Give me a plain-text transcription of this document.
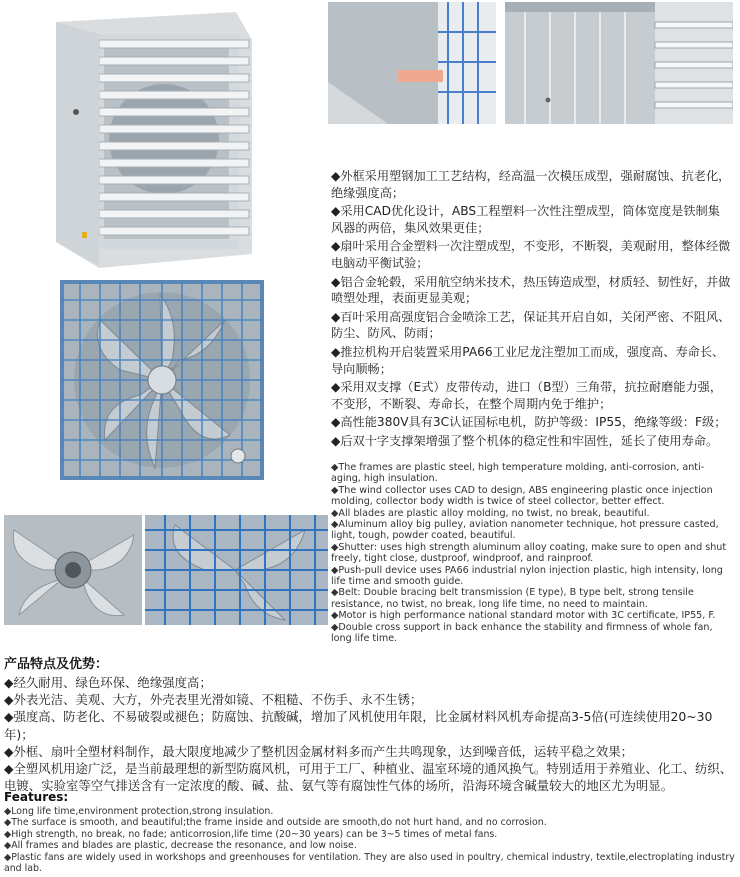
◆外框采用塑钢加工工艺结构，经高温一次模压成型，强耐腐蚀、抗老化，绝缘强度高；

◆采用CAD优化设计，ABS工程塑料一次性注塑成型，筒体宽度是铁制集风器的两倍，集风效果更佳；

◆扇叶采用合金塑料一次注塑成型，不变形，不断裂，美观耐用，整体经微电脑动平衡试验；

◆铝合金轮毂，采用航空纳米技术，热压铸造成型，材质轻、韧性好，并做喷塑处理，表面更显美观；

◆百叶采用高强度铝合金喷涂工艺，保证其开启自如，关闭严密、不阻风、防尘、防风、防雨；

◆推拉机构开启装置采用PA66工业尼龙注塑加工而成，强度高、寿命长、导向顺畅；

◆采用双支撑（E式）皮带传动，进口（B型）三角带，抗拉耐磨能力强，不变形，不断裂、寿命长，在整个周期内免于维护；

◆高性能380V具有3C认证国标电机，防护等级：IP55，绝缘等级：F级；

◆后双十字支撑架增强了整个机体的稳定性和牢固性，延长了使用寿命。

◆The frames are plastic steel, high temperature molding, anti-corrosion, anti-aging, high insulation.

◆The wind collector uses CAD to design, ABS engineering plastic once injection molding, collector body width is twice of steel collector, better effect.

◆All blades are plastic alloy molding, no twist, no break, beautiful.

◆Aluminum alloy big pulley, aviation nanometer technique, hot pressure casted, light, tough, powder coated, beautiful.

◆Shutter: uses high strength aluminum alloy coating, make sure to open and shut freely, tight close, dustproof, windproof, and rainproof.

◆Push-pull device uses PA66 industrial nylon injection plastic, high intensity, long life time and smooth guide.

◆Belt: Double bracing belt transmission (E type), B type belt, strong tensile resistance, no twist, no break, long life time, no need to maintain.

◆Motor is high performance national standard motor with 3C certificate, IP55, F.

◆Double cross support in back enhance the stability and firmness of whole fan, long life time.

产品特点及优势：

◆经久耐用、绿色环保、绝缘强度高；

◆外表光洁、美观、大方，外壳表里光滑如镜、不粗糙、不伤手、永不生锈；

◆强度高、防老化、不易破裂或褪色；防腐蚀、抗酸碱，增加了风机使用年限，比金属材料风机寿命提高3-5倍(可连续使用20~30年)；

◆外框、扇叶全塑材料制作，最大限度地减少了整机因金属材料多而产生共鸣现象，达到噪音低，运转平稳之效果；

◆全塑风机用途广泛，是当前最理想的新型防腐风机，可用于工厂、种植业、温室环境的通风换气。特别适用于养殖业、化工、纺织、电镀、实验室等空气排送含有一定浓度的酸、碱、盐、氨气等有腐蚀性气体的场所，沿海环境含碱量较大的地区尤为明显。

Features:

◆Long life time,environment protection,strong insulation.

◆The surface is smooth, and beautiful;the frame inside and outside are smooth,do not hurt hand, and no corrosion.

◆High strength, no break, no fade; anticorrosion,life time (20~30 years) can be 3~5 times of metal fans.

◆All frames and blades are plastic, decrease the resonance, and low noise.

◆Plastic fans are widely used in workshops and greenhouses for ventilation. They are also used in poultry, chemical industry, textile,electroplating industry and lab.
